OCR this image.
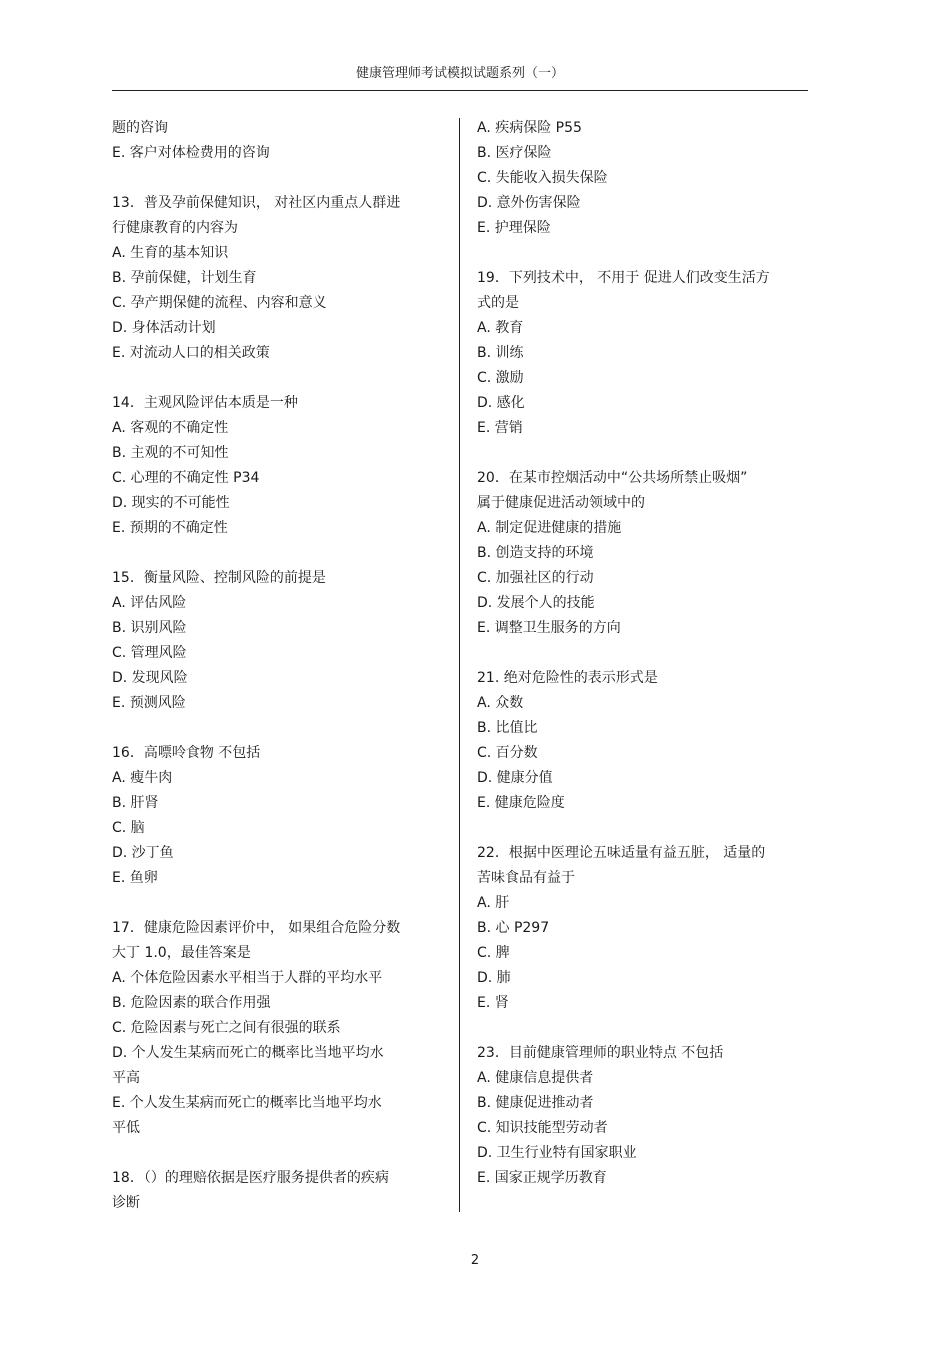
健康管理师考试模拟试题系列（一）
题的咨询
E. 客户对体检费用的咨询
13．普及孕前保健知识， 对社区内重点人群进
行健康教育的内容为
A. 生育的基本知识
B. 孕前保健，计划生育
C. 孕产期保健的流程、内容和意义
D. 身体活动计划
E. 对流动人口的相关政策
14．主观风险评估本质是一种
A. 客观的不确定性
B. 主观的不可知性
C. 心理的不确定性 P34
D. 现实的不可能性
E. 预期的不确定性
15．衡量风险、控制风险的前提是
A. 评估风险
B. 识别风险
C. 管理风险
D. 发现风险
E. 预测风险
16．高嘌呤食物 不包括
A. 瘦牛肉
B. 肝肾
C. 脑
D. 沙丁鱼
E. 鱼卵
17．健康危险因素评价中， 如果组合危险分数
大丁 1.0，最佳答案是
A. 个体危险因素水平相当于人群的平均水平
B. 危险因素的联合作用强
C. 危险因素与死亡之间有很强的联系
D. 个人发生某病而死亡的概率比当地平均水
平高
E. 个人发生某病而死亡的概率比当地平均水
平低
18．（）的理赔依据是医疗服务提供者的疾病
诊断
A. 疾病保险 P55
B. 医疗保险
C. 失能收入损失保险
D. 意外伤害保险
E. 护理保险
19．下列技术中， 不用于 促进人们改变生活方
式的是
A. 教育
B. 训练
C. 激励
D. 感化
E. 营销
20．在某市控烟活动中“公共场所禁止吸烟”
属于健康促进活动领域中的
A. 制定促进健康的措施
B. 创造支持的环境
C. 加强社区的行动
D. 发展个人的技能
E. 调整卫生服务的方向
21. 绝对危险性的表示形式是
A. 众数
B. 比值比
C. 百分数
D. 健康分值
E. 健康危险度
22．根据中医理论五味适量有益五脏， 适量的
苦味食品有益于
A. 肝
B. 心 P297
C. 脾
D. 肺
E. 肾
23．目前健康管理师的职业特点 不包括
A. 健康信息提供者
B. 健康促进推动者
C. 知识技能型劳动者
D. 卫生行业特有国家职业
E. 国家正规学历教育
2
